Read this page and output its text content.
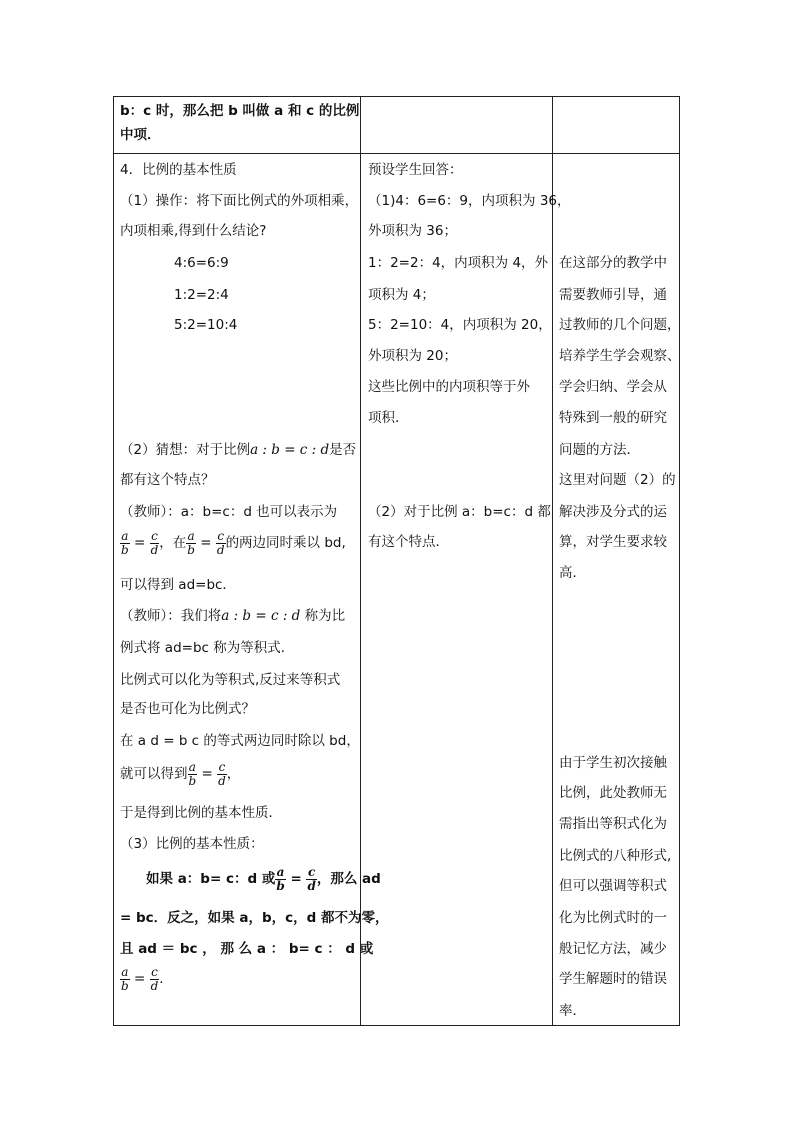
b：c 时，那么把 b 叫做 a 和 c 的比例
中项．
4．比例的基本性质
（1）操作：将下面比例式的外项相乘，
内项相乘,得到什么结论?
4:6=6:9
1:2=2:4
5:2=10:4
（2）猜想：对于比例a : b = c : d是否
都有这个特点？
（教师）：a：b=c：d 也可以表示为
$\frac{a}{b} = \frac{c}{d}$ ，在 $\frac{a}{b} = \frac{c}{d}$ 的两边同时乘以 bd,
可以得到 ad=bc．
（教师）：我们将a : b = c : d 称为比
例式将 ad=bc 称为等积式．
比例式可以化为等积式,反过来等积式
是否也可化为比例式？
在 a d = b c 的等式两边同时除以 bd，
就可以得到 $\frac{a}{b} = \frac{c}{d}$ ，
于是得到比例的基本性质．
（3）比例的基本性质：
如果 a：b= c：d 或 $\frac{a}{b} = \frac{c}{d}$ ，那么 ad
= bc．反之，如果 a，b，c，d 都不为零，
且 ad ＝ bc ， 那 么 a ： b= c ： d 或
$\frac{a}{b} = \frac{c}{d}$ ．
预设学生回答：
（1)4：6=6：9，内项积为 36，
外项积为 36；
1：2=2：4，内项积为 4，外
项积为 4；
5：2=10：4，内项积为 20，
外项积为 20；
这些比例中的内项积等于外
项积．
（2）对于比例 a：b=c：d 都
有这个特点．
在这部分的教学中
需要教师引导，通
过教师的几个问题，
培养学生学会观察、
学会归纳、学会从
特殊到一般的研究
问题的方法．
这里对问题（2）的
解决涉及分式的运
算，对学生要求较
高．
由于学生初次接触
比例，此处教师无
需指出等积式化为
比例式的八种形式,
但可以强调等积式
化为比例式时的一
般记忆方法，减少
学生解题时的错误
率．
